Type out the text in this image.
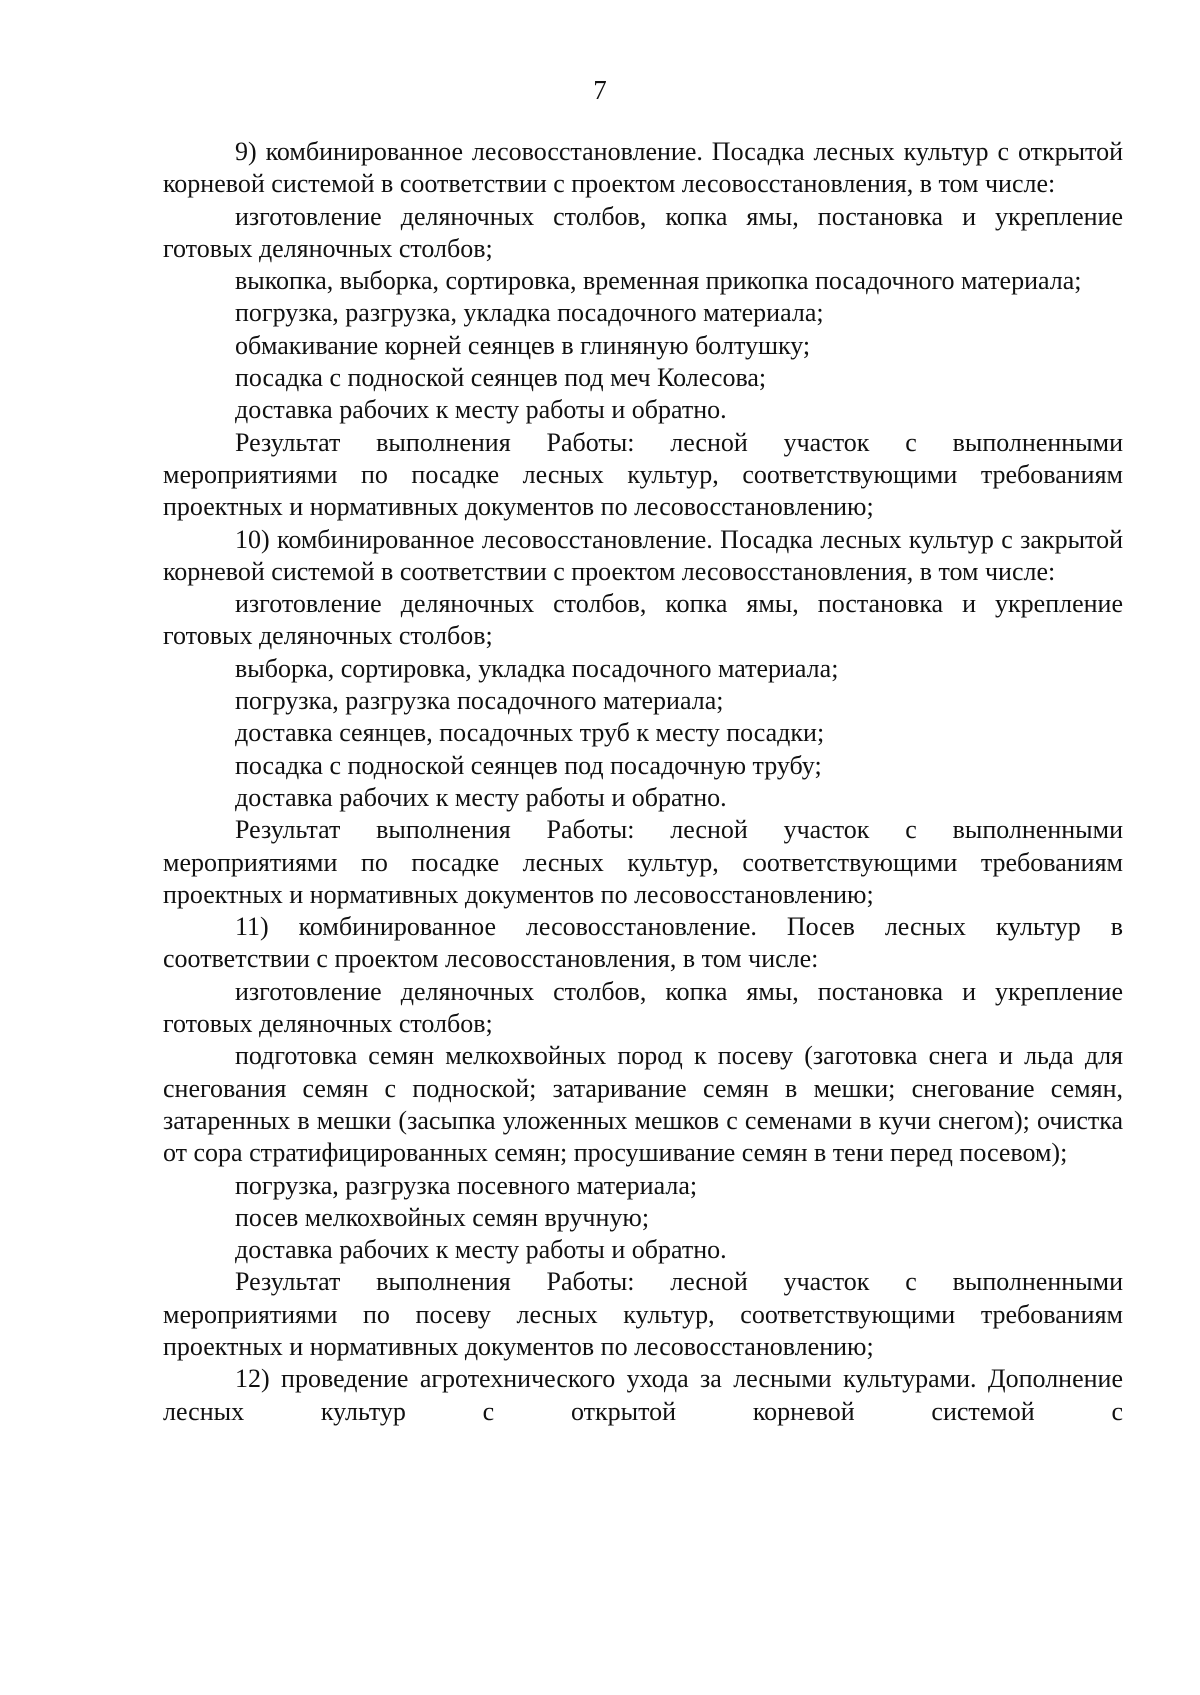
7

9) комбинированное лесовосстановление. Посадка лесных культур с открытой корневой системой в соответствии с проектом лесовосстановления, в том числе:

изготовление деляночных столбов, копка ямы, постановка и укрепление готовых деляночных столбов;

выкопка, выборка, сортировка, временная прикопка посадочного материала;

погрузка, разгрузка, укладка посадочного материала;

обмакивание корней сеянцев в глиняную болтушку;

посадка с подноской сеянцев под меч Колесова;

доставка рабочих к месту работы и обратно.

Результат выполнения Работы: лесной участок с выполненными мероприятиями по посадке лесных культур, соответствующими требованиям проектных и нормативных документов по лесовосстановлению;

10) комбинированное лесовосстановление. Посадка лесных культур с закрытой корневой системой в соответствии с проектом лесовосстановления, в том числе:

изготовление деляночных столбов, копка ямы, постановка и укрепление готовых деляночных столбов;

выборка, сортировка, укладка посадочного материала;

погрузка, разгрузка посадочного материала;

доставка сеянцев, посадочных труб к месту посадки;

посадка с подноской сеянцев под посадочную трубу;

доставка рабочих к месту работы и обратно.

Результат выполнения Работы: лесной участок с выполненными мероприятиями по посадке лесных культур, соответствующими требованиям проектных и нормативных документов по лесовосстановлению;

11) комбинированное лесовосстановление. Посев лесных культур в соответствии с проектом лесовосстановления, в том числе:

изготовление деляночных столбов, копка ямы, постановка и укрепление готовых деляночных столбов;

подготовка семян мелкохвойных пород к посеву (заготовка снега и льда для снегования семян с подноской; затаривание семян в мешки; снегование семян, затаренных в мешки (засыпка уложенных мешков с семенами в кучи снегом); очистка от сора стратифицированных семян; просушивание семян в тени перед посевом);

погрузка, разгрузка посевного материала;

посев мелкохвойных семян вручную;

доставка рабочих к месту работы и обратно.

Результат выполнения Работы: лесной участок с выполненными мероприятиями по посеву лесных культур, соответствующими требованиям проектных и нормативных документов по лесовосстановлению;

12) проведение агротехнического ухода за лесными культурами. Дополнение лесных культур с открытой корневой системой с
